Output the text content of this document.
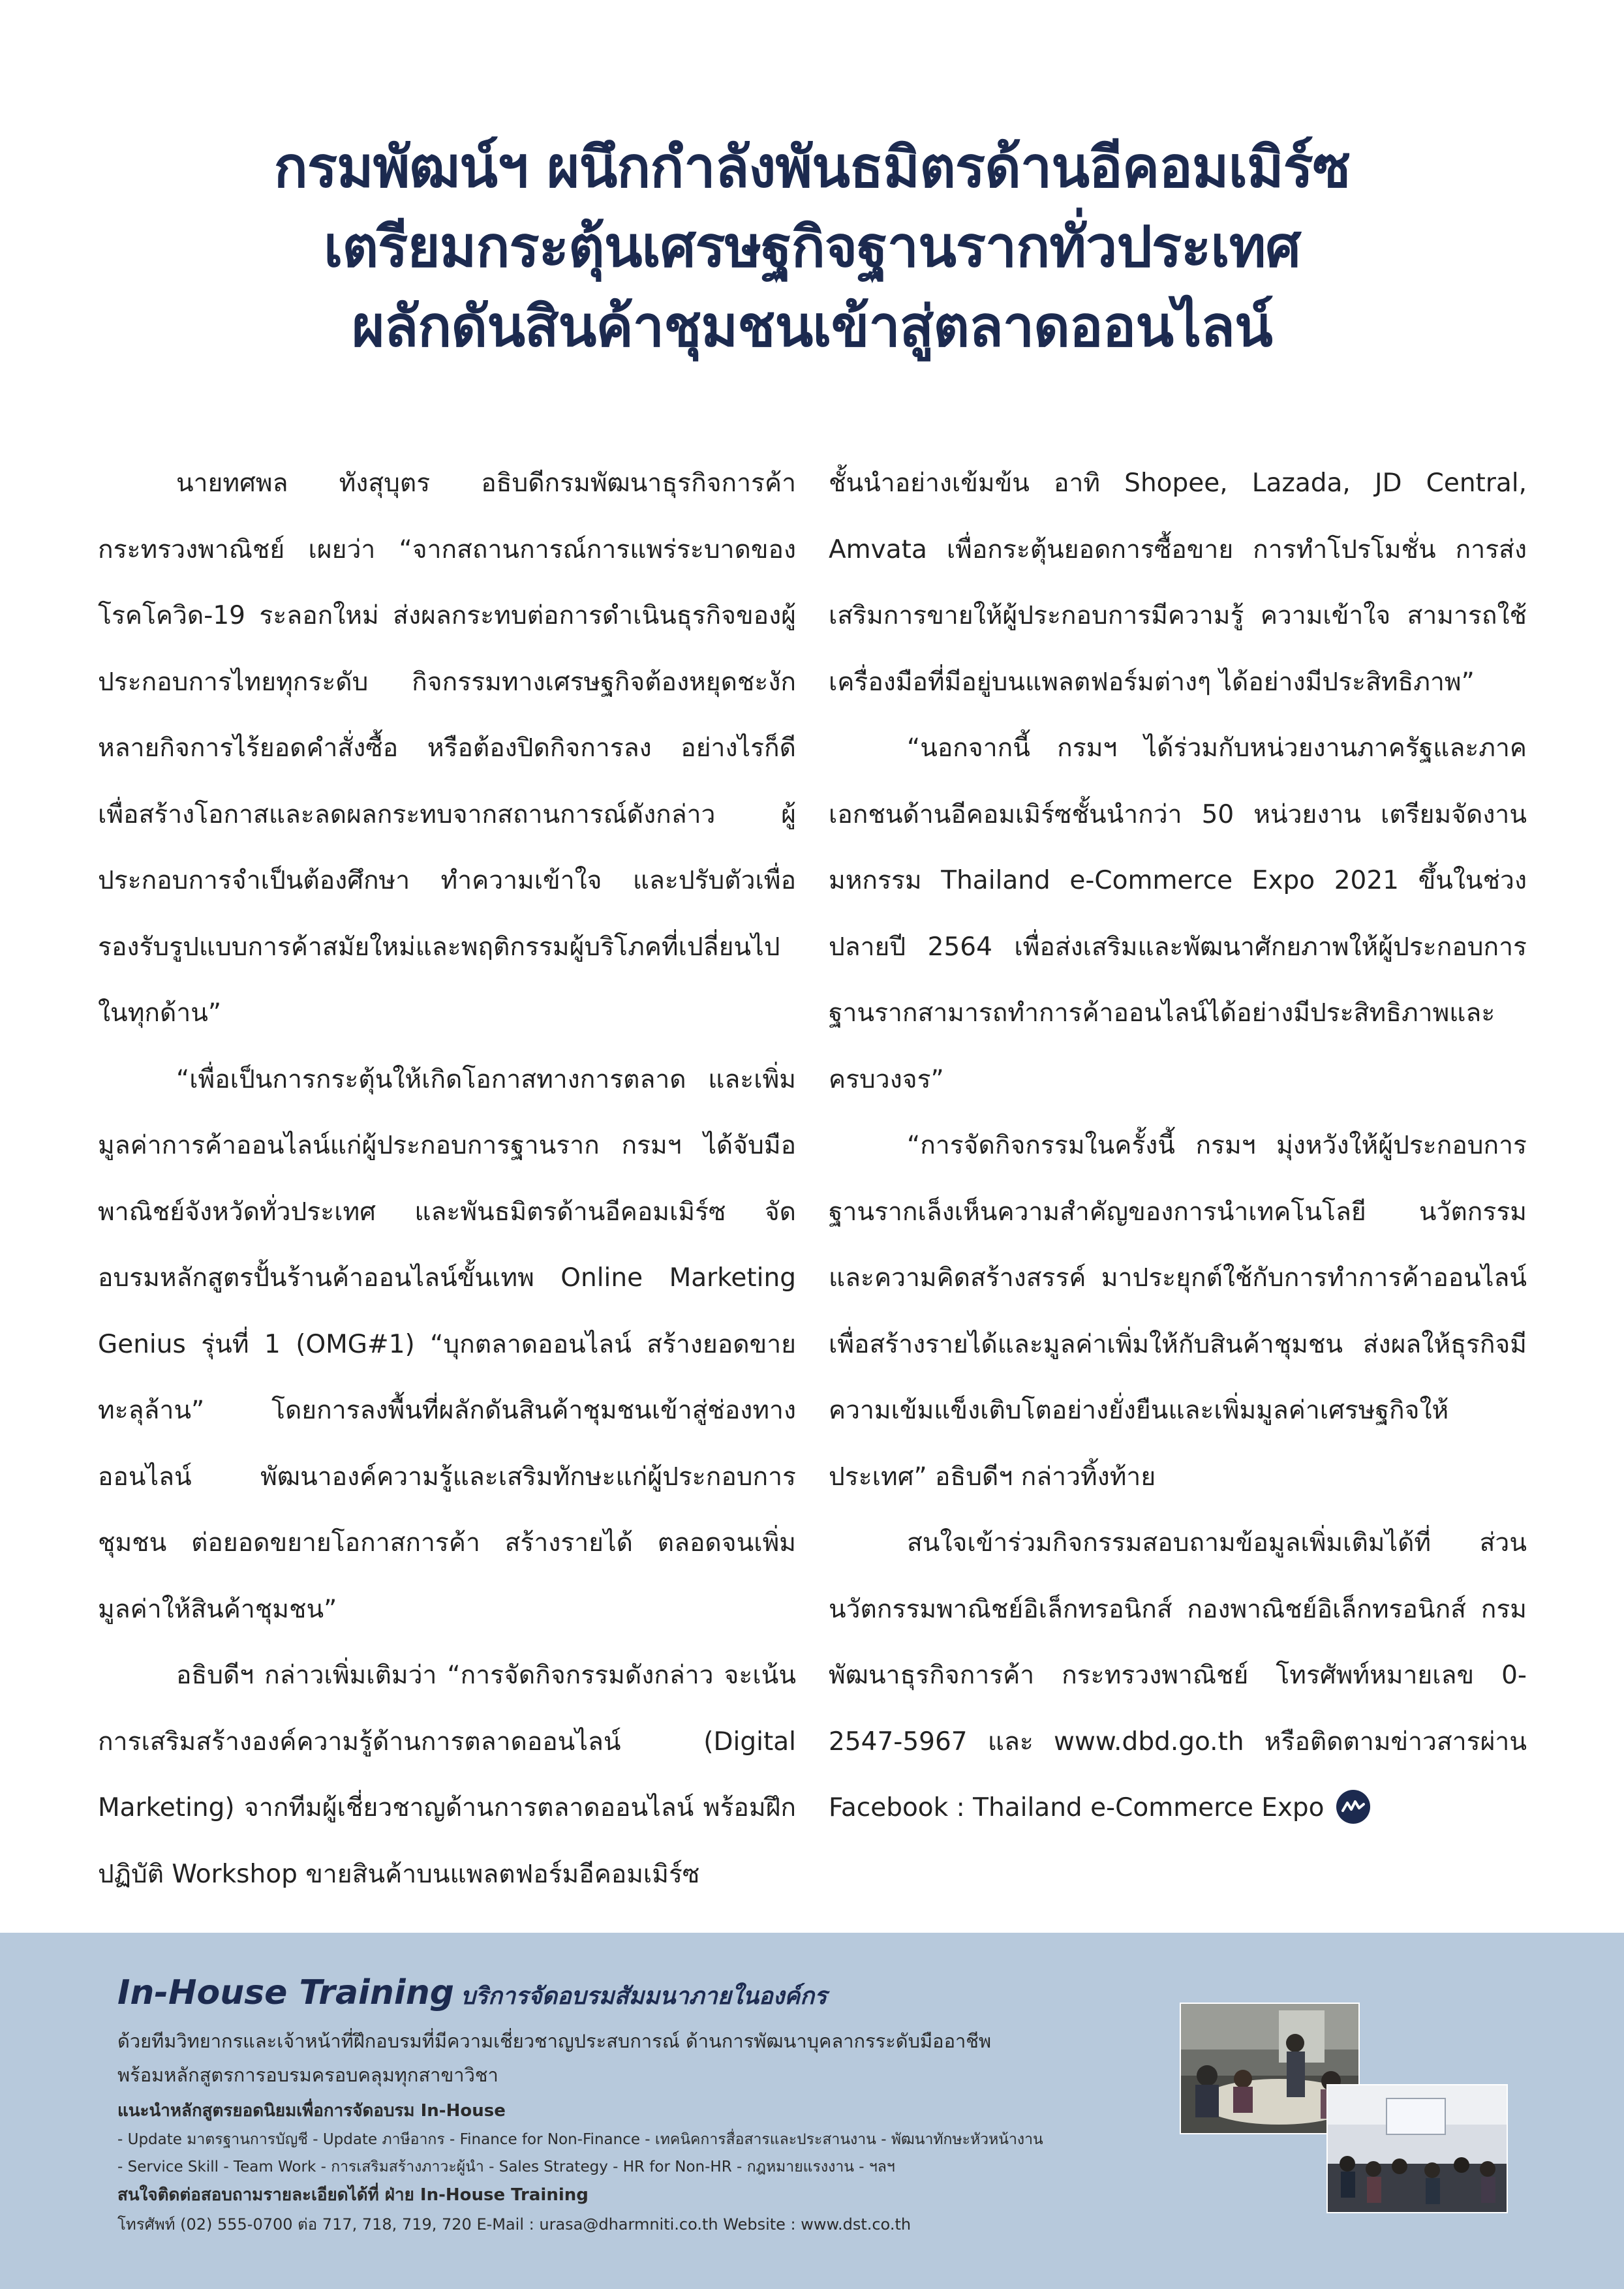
กรมพัฒน์ฯ ผนึกกำลังพันธมิตรด้านอีคอมเมิร์ซ
เตรียมกระตุ้นเศรษฐกิจฐานรากทั่วประเทศ
ผลักดันสินค้าชุมชนเข้าสู่ตลาดออนไลน์

นายทศพล ทังสุบุตร อธิบดีกรมพัฒนาธุรกิจการค้า กระทรวงพาณิชย์ เผยว่า “จากสถานการณ์การแพร่ระบาดของโรคโควิด-19 ระลอกใหม่ ส่งผลกระทบต่อการดำเนินธุรกิจของผู้ประกอบการไทยทุกระดับ กิจกรรมทางเศรษฐกิจต้องหยุดชะงัก หลายกิจการไร้ยอดคำสั่งซื้อ หรือต้องปิดกิจการลง อย่างไรก็ดี เพื่อสร้างโอกาสและลดผลกระทบจากสถานการณ์ดังกล่าว ผู้ประกอบการจำเป็นต้องศึกษา ทำความเข้าใจ และปรับตัวเพื่อรองรับรูปแบบการค้าสมัยใหม่และพฤติกรรมผู้บริโภคที่เปลี่ยนไปในทุกด้าน”

“เพื่อเป็นการกระตุ้นให้เกิดโอกาสทางการตลาด และเพิ่มมูลค่าการค้าออนไลน์แก่ผู้ประกอบการฐานราก กรมฯ ได้จับมือพาณิชย์จังหวัดทั่วประเทศ และพันธมิตรด้านอีคอมเมิร์ซ จัดอบรมหลักสูตรปั้นร้านค้าออนไลน์ขั้นเทพ Online Marketing Genius รุ่นที่ 1 (OMG#1) “บุกตลาดออนไลน์ สร้างยอดขายทะลุล้าน” โดยการลงพื้นที่ผลักดันสินค้าชุมชนเข้าสู่ช่องทางออนไลน์ พัฒนาองค์ความรู้และเสริมทักษะแก่ผู้ประกอบการชุมชน ต่อยอดขยายโอกาสการค้า สร้างรายได้ ตลอดจนเพิ่มมูลค่าให้สินค้าชุมชน”

อธิบดีฯ กล่าวเพิ่มเติมว่า “การจัดกิจกรรมดังกล่าว จะเน้นการเสริมสร้างองค์ความรู้ด้านการตลาดออนไลน์ (Digital Marketing) จากทีมผู้เชี่ยวชาญด้านการตลาดออนไลน์ พร้อมฝึกปฏิบัติ Workshop ขายสินค้าบนแพลตฟอร์มอีคอมเมิร์ซ

ชั้นนำอย่างเข้มข้น อาทิ Shopee, Lazada, JD Central, Amvata เพื่อกระตุ้นยอดการซื้อขาย การทำโปรโมชั่น การส่งเสริมการขายให้ผู้ประกอบการมีความรู้ ความเข้าใจ สามารถใช้เครื่องมือที่มีอยู่บนแพลตฟอร์มต่างๆ ได้อย่างมีประสิทธิภาพ”

“นอกจากนี้ กรมฯ ได้ร่วมกับหน่วยงานภาครัฐและภาคเอกชนด้านอีคอมเมิร์ซชั้นนำกว่า 50 หน่วยงาน เตรียมจัดงานมหกรรม Thailand e-Commerce Expo 2021 ขึ้นในช่วงปลายปี 2564 เพื่อส่งเสริมและพัฒนาศักยภาพให้ผู้ประกอบการฐานรากสามารถทำการค้าออนไลน์ได้อย่างมีประสิทธิภาพและครบวงจร”

“การจัดกิจกรรมในครั้งนี้ กรมฯ มุ่งหวังให้ผู้ประกอบการฐานรากเล็งเห็นความสำคัญของการนำเทคโนโลยี นวัตกรรม และความคิดสร้างสรรค์ มาประยุกต์ใช้กับการทำการค้าออนไลน์ เพื่อสร้างรายได้และมูลค่าเพิ่มให้กับสินค้าชุมชน ส่งผลให้ธุรกิจมีความเข้มแข็งเติบโตอย่างยั่งยืนและเพิ่มมูลค่าเศรษฐกิจให้ประเทศ” อธิบดีฯ กล่าวทิ้งท้าย

สนใจเข้าร่วมกิจกรรมสอบถามข้อมูลเพิ่มเติมได้ที่ ส่วนนวัตกรรมพาณิชย์อิเล็กทรอนิกส์ กองพาณิชย์อิเล็กทรอนิกส์ กรมพัฒนาธุรกิจการค้า กระทรวงพาณิชย์ โทรศัพท์หมายเลข 0-2547-5967 และ www.dbd.go.th หรือติดตามข่าวสารผ่าน Facebook : Thailand e-Commerce Expo

In-House Training บริการจัดอบรมสัมมนาภายในองค์กร
ด้วยทีมวิทยากรและเจ้าหน้าที่ฝึกอบรมที่มีความเชี่ยวชาญประสบการณ์ ด้านการพัฒนาบุคลากรระดับมืออาชีพ
พร้อมหลักสูตรการอบรมครอบคลุมทุกสาขาวิชา
แนะนำหลักสูตรยอดนิยมเพื่อการจัดอบรม In-House
- Update มาตรฐานการบัญชี - Update ภาษีอากร - Finance for Non-Finance - เทคนิคการสื่อสารและประสานงาน - พัฒนาทักษะหัวหน้างาน
- Service Skill - Team Work - การเสริมสร้างภาวะผู้นำ - Sales Strategy - HR for Non-HR - กฎหมายแรงงาน - ฯลฯ
สนใจติดต่อสอบถามรายละเอียดได้ที่ ฝ่าย In-House Training
โทรศัพท์ (02) 555-0700 ต่อ 717, 718, 719, 720 E-Mail : urasa@dharmniti.co.th Website : www.dst.co.th
